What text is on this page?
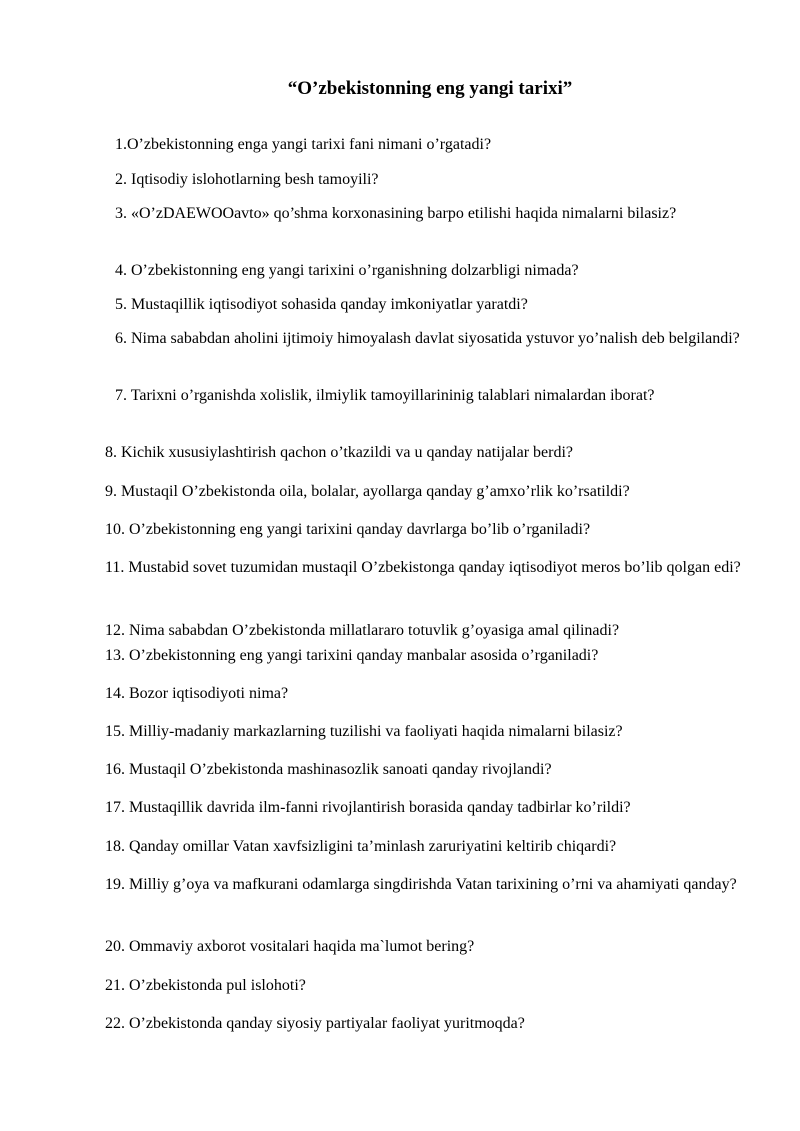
“O’zbekistonning eng yangi tarixi”

1.O’zbekistonning enga yangi tarixi fani nimani o’rgatadi?

2. Iqtisodiy islohotlarning besh tamoyili?

3. «O’zDAEWOOavto» qo’shma korxonasining barpo etilishi haqida nimalarni bilasiz?

4. O’zbekistonning eng yangi tarixini o’rganishning dolzarbligi nimada?

5. Mustaqillik iqtisodiyot sohasida qanday imkoniyatlar yaratdi?

6. Nima sababdan aholini ijtimoiy himoyalash davlat siyosatida ystuvor yo’nalish deb belgilandi?

7. Tarixni o’rganishda xolislik, ilmiylik tamoyillarininig talablari nimalardan iborat?

8. Kichik xususiylashtirish qachon o’tkazildi va u qanday natijalar berdi?

9. Mustaqil O’zbekistonda oila, bolalar, ayollarga qanday g’amxo’rlik ko’rsatildi?

10. O’zbekistonning eng yangi tarixini qanday davrlarga bo’lib o’rganiladi?

11. Mustabid sovet tuzumidan mustaqil O’zbekistonga qanday iqtisodiyot meros bo’lib qolgan edi?

12. Nima sababdan O’zbekistonda millatlararo totuvlik g’oyasiga amal qilinadi?

13. O’zbekistonning eng yangi tarixini qanday manbalar asosida o’rganiladi?

14. Bozor iqtisodiyoti nima?

15. Milliy-madaniy markazlarning tuzilishi va faoliyati haqida nimalarni bilasiz?

16. Mustaqil O’zbekistonda mashinasozlik sanoati qanday rivojlandi?

17. Mustaqillik davrida ilm-fanni rivojlantirish borasida qanday tadbirlar ko’rildi?

18. Qanday omillar Vatan xavfsizligini ta’minlash zaruriyatini keltirib chiqardi?

19. Milliy g’oya va mafkurani odamlarga singdirishda Vatan tarixining o’rni va ahamiyati qanday?

20. Ommaviy axborot vositalari haqida ma`lumot bering?

21. O’zbekistonda pul islohoti?

22. O’zbekistonda qanday siyosiy partiyalar faoliyat yuritmoqda?
